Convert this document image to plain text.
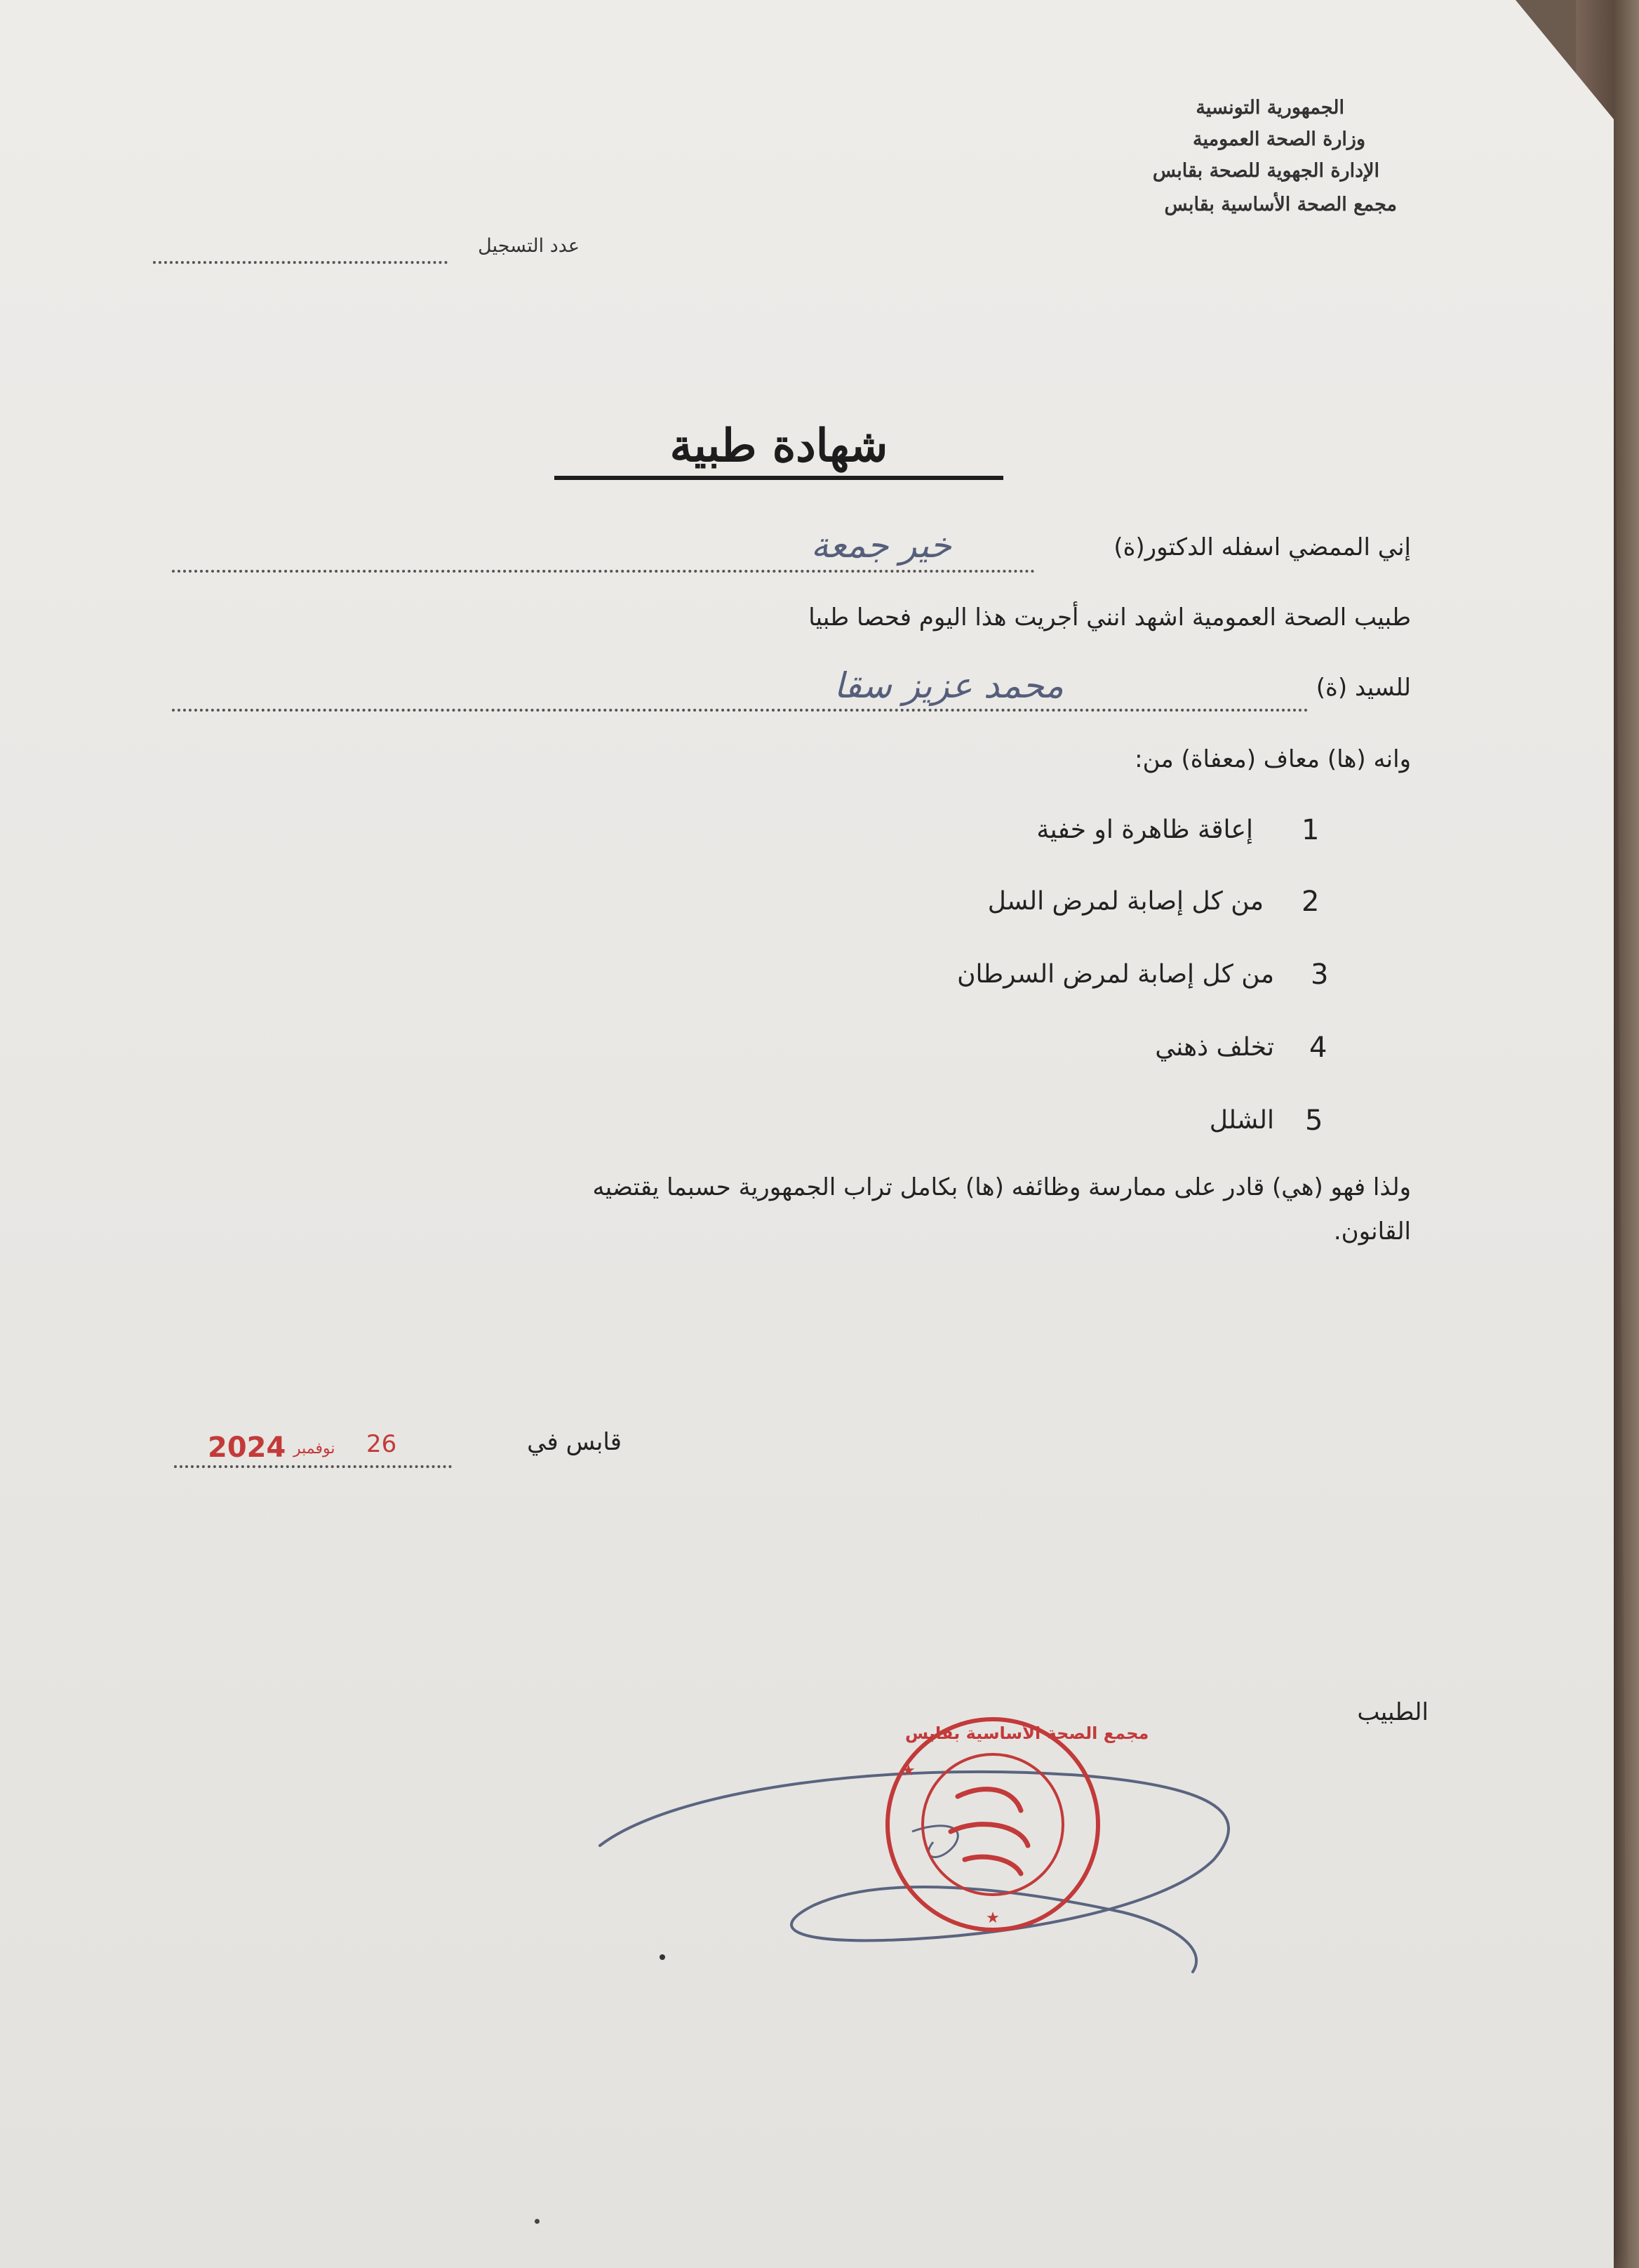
الجمهورية التونسية
وزارة الصحة العمومية
الإدارة الجهوية للصحة بقابس
مجمع الصحة الأساسية بقابس
عدد التسجيل
شهادة طبية
إني الممضي اسفله الدكتور(ة)
خير جمعة
طبيب الصحة العمومية اشهد انني أجريت هذا اليوم فحصا طبيا
للسيد (ة)
محمد عزيز سقا
وانه (ها) معاف (معفاة) من:
1
إعاقة ظاهرة او خفية
2
من كل إصابة لمرض السل
3
من كل إصابة لمرض السرطان
4
تخلف ذهني
5
الشلل
ولذا فهو (هي) قادر على ممارسة وظائفه (ها) بكامل تراب الجمهورية حسبما يقتضيه
القانون.
قابس في
26
نوفمبر
2024
الطبيب
★
★
مجمع الصحة الأساسية بقابس
